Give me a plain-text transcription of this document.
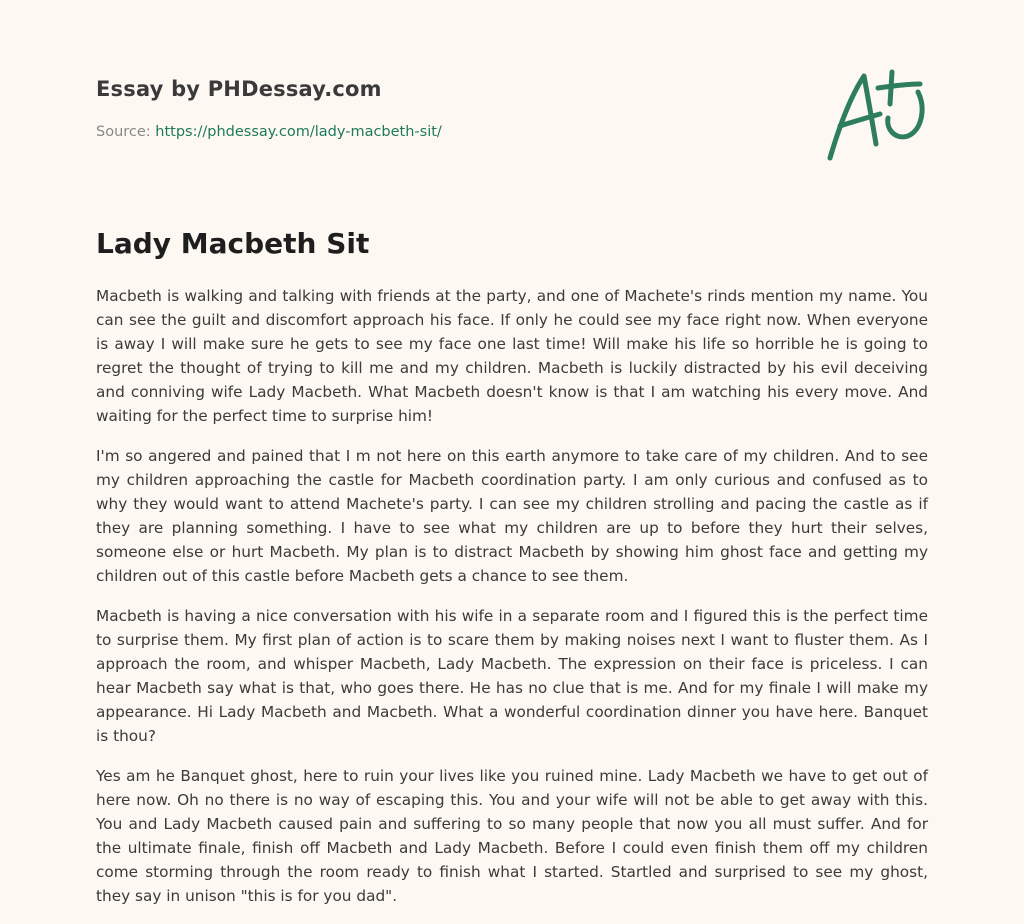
Essay by PHDessay.com
Source: https://phdessay.com/lady-macbeth-sit/
Lady Macbeth Sit

Macbeth is walking and talking with friends at the party, and one of Machete's rinds mention my name. You can see the guilt and discomfort approach his face. If only he could see my face right now. When everyone is away I will make sure he gets to see my face one last time! Will make his life so horrible he is going to regret the thought of trying to kill me and my children. Macbeth is luckily distracted by his evil deceiving and conniving wife Lady Macbeth. What Macbeth doesn't know is that I am watching his every move. And waiting for the perfect time to surprise him!

I'm so angered and pained that I m not here on this earth anymore to take care of my children. And to see my children approaching the castle for Macbeth coordination party. I am only curious and confused as to why they would want to attend Machete's party. I can see my children strolling and pacing the castle as if they are planning something. I have to see what my children are up to before they hurt their selves, someone else or hurt Macbeth. My plan is to distract Macbeth by showing him ghost face and getting my children out of this castle before Macbeth gets a chance to see them.

Macbeth is having a nice conversation with his wife in a separate room and I figured this is the perfect time to surprise them. My first plan of action is to scare them by making noises next I want to fluster them. As I approach the room, and whisper Macbeth, Lady Macbeth. The expression on their face is priceless. I can hear Macbeth say what is that, who goes there. He has no clue that is me. And for my finale I will make my appearance. Hi Lady Macbeth and Macbeth. What a wonderful coordination dinner you have here. Banquet is thou?

Yes am he Banquet ghost, here to ruin your lives like you ruined mine. Lady Macbeth we have to get out of here now. Oh no there is no way of escaping this. You and your wife will not be able to get away with this. You and Lady Macbeth caused pain and suffering to so many people that now you all must suffer. And for the ultimate finale, finish off Macbeth and Lady Macbeth. Before I could even finish them off my children come storming through the room ready to finish what I started. Startled and surprised to see my ghost, they say in unison "this is for you dad".
